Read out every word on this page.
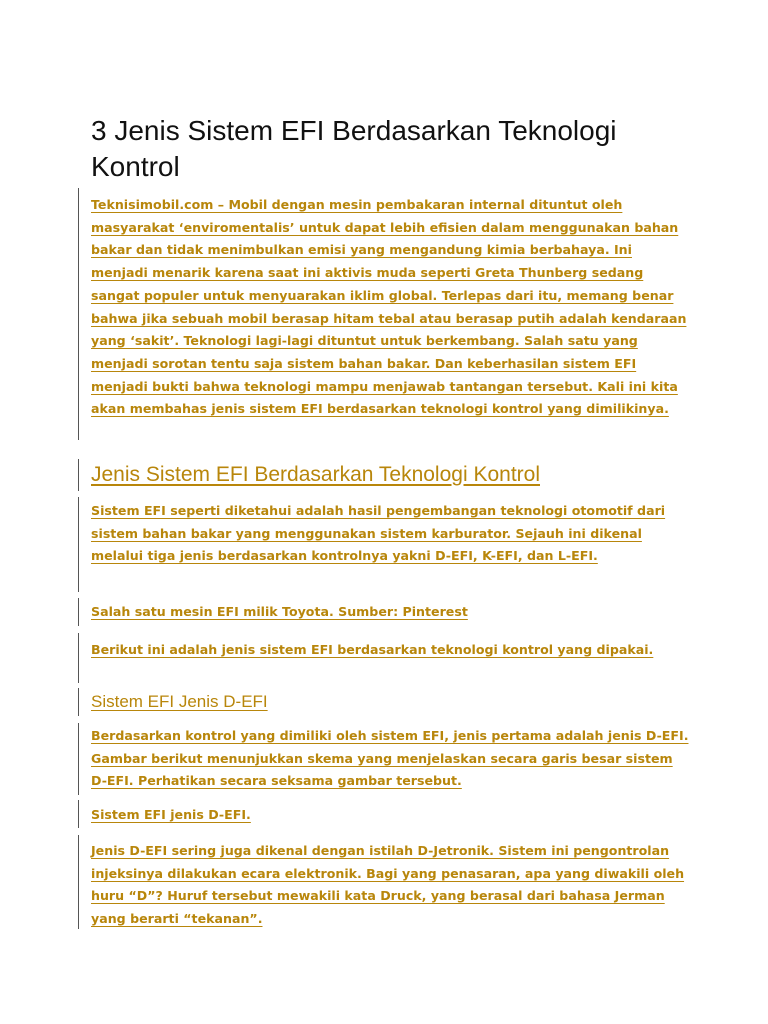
3 Jenis Sistem EFI Berdasarkan Teknologi Kontrol

Teknisimobil.com – Mobil dengan mesin pembakaran internal dituntut oleh masyarakat ‘enviromentalis’ untuk dapat lebih efisien dalam menggunakan bahan bakar dan tidak menimbulkan emisi yang mengandung kimia berbahaya. Ini menjadi menarik karena saat ini aktivis muda seperti Greta Thunberg sedang sangat populer untuk menyuarakan iklim global. Terlepas dari itu, memang benar bahwa jika sebuah mobil berasap hitam tebal atau berasap putih adalah kendaraan yang ‘sakit’. Teknologi lagi-lagi dituntut untuk berkembang. Salah satu yang menjadi sorotan tentu saja sistem bahan bakar. Dan keberhasilan sistem EFI menjadi bukti bahwa teknologi mampu menjawab tantangan tersebut. Kali ini kita akan membahas jenis sistem EFI berdasarkan teknologi kontrol yang dimilikinya.

Jenis Sistem EFI Berdasarkan Teknologi Kontrol

Sistem EFI seperti diketahui adalah hasil pengembangan teknologi otomotif dari sistem bahan bakar yang menggunakan sistem karburator. Sejauh ini dikenal melalui tiga jenis berdasarkan kontrolnya yakni D-EFI, K-EFI, dan L-EFI.

Salah satu mesin EFI milik Toyota. Sumber: Pinterest

Berikut ini adalah jenis sistem EFI berdasarkan teknologi kontrol yang dipakai.

Sistem EFI Jenis D-EFI

Berdasarkan kontrol yang dimiliki oleh sistem EFI, jenis pertama adalah jenis D-EFI. Gambar berikut menunjukkan skema yang menjelaskan secara garis besar sistem D-EFI. Perhatikan secara seksama gambar tersebut.

Sistem EFI jenis D-EFI.

Jenis D-EFI sering juga dikenal dengan istilah D-Jetronik. Sistem ini pengontrolan injeksinya dilakukan ecara elektronik. Bagi yang penasaran, apa yang diwakili oleh huru “D”? Huruf tersebut mewakili kata Druck, yang berasal dari bahasa Jerman yang berarti “tekanan”.
